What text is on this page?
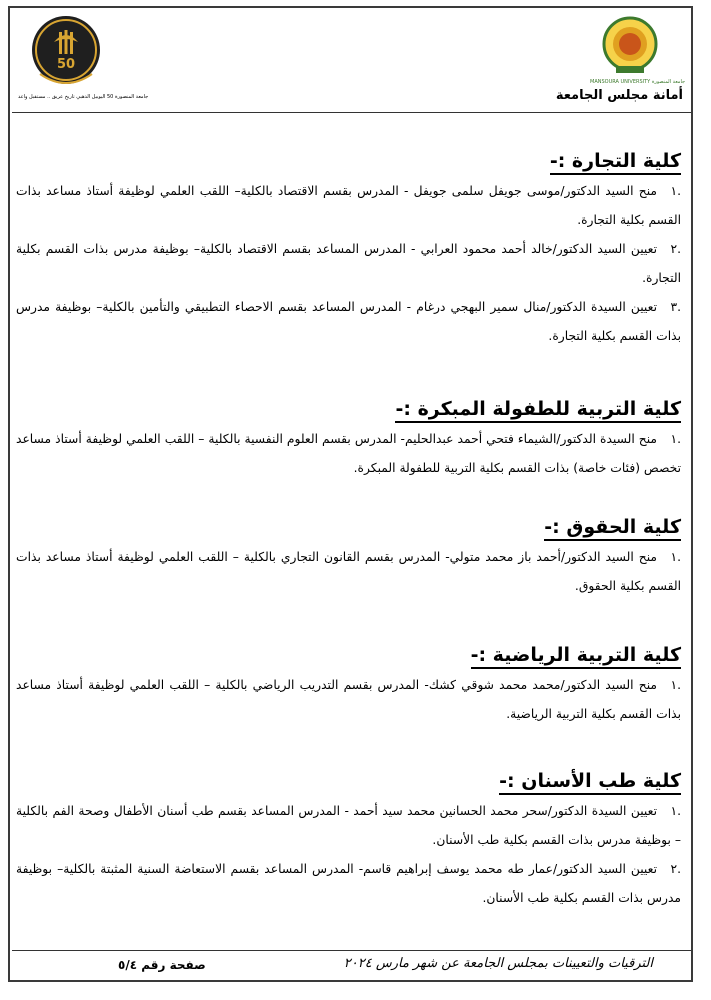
MANSOURA UNIVERSITY جامعة المنصورة
50
جامعة المنصورة 50 اليوبيل الذهبي تاريخ عريق .. مستقبل واعد	أمانة مجلس الجامعة
كلية التجارة :-

.١منح السيد الدكتور/موسى جويفل سلمى جويفل - المدرس بقسم الاقتصاد بالكلية– اللقب العلمي لوظيفة أستاذ مساعد بذات القسم بكلية التجارة.

.٢تعيين السيد الدكتور/خالد أحمد محمود العرابي - المدرس المساعد بقسم الاقتصاد بالكلية– بوظيفة مدرس بذات القسم بكلية التجارة.

.٣تعيين السيدة الدكتور/منال سمير البهجي درغام - المدرس المساعد بقسم الاحصاء التطبيقي والتأمين بالكلية– بوظيفة مدرس بذات القسم بكلية التجارة.

كلية التربية للطفولة المبكرة :-

.١منح السيدة الدكتور/الشيماء فتحي أحمد عبدالحليم- المدرس بقسم العلوم النفسية بالكلية – اللقب العلمي لوظيفة أستاذ مساعد تخصص (فئات خاصة) بذات القسم بكلية التربية للطفولة المبكرة.

كلية الحقوق :-

.١منح السيد الدكتور/أحمد باز محمد متولي- المدرس بقسم القانون التجاري بالكلية – اللقب العلمي لوظيفة أستاذ مساعد بذات القسم بكلية الحقوق.

كلية التربية الرياضية :-

.١منح السيد الدكتور/محمد محمد شوقي كشك- المدرس بقسم التدريب الرياضي بالكلية – اللقب العلمي لوظيفة أستاذ مساعد بذات القسم بكلية التربية الرياضية.

كلية طب الأسنان :-

.١تعيين السيدة الدكتور/سحر محمد الحسانين محمد سيد أحمد - المدرس المساعد بقسم طب أسنان الأطفال وصحة الفم بالكلية – بوظيفة مدرس بذات القسم بكلية طب الأسنان.

.٢تعيين السيد الدكتور/عمار طه محمد يوسف إبراهيم قاسم- المدرس المساعد بقسم الاستعاضة السنية المثبتة بالكلية– بوظيفة مدرس بذات القسم بكلية طب الأسنان.

الترقيات والتعيينات بمجلس الجامعة عن شهر مارس ٢٠٢٤
صفحة رقم ٥/٤
